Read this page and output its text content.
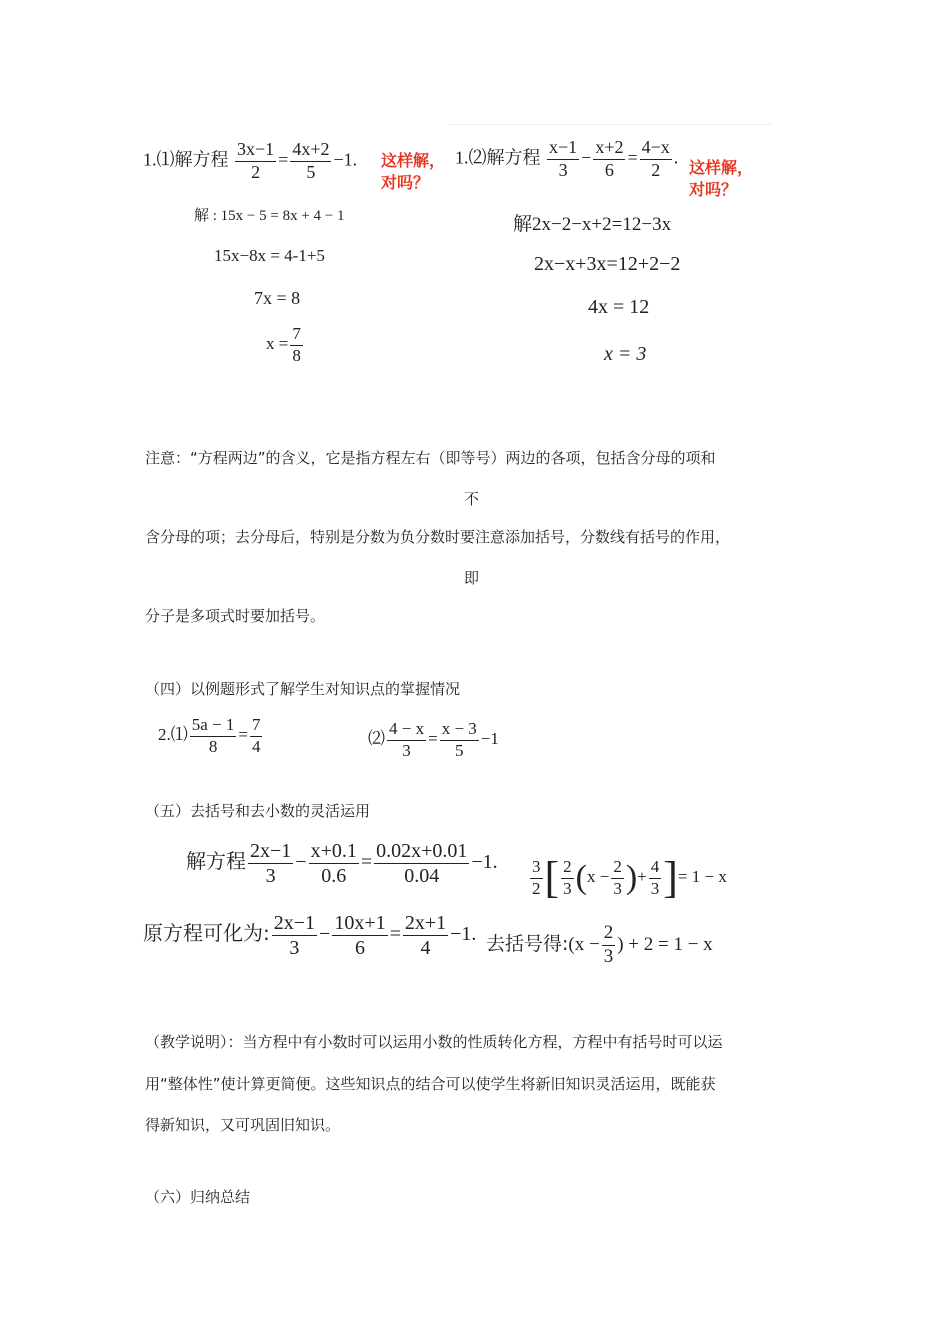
1.⑴解方程 $\frac{3x-1}{2} = \frac{4x+2}{5} -1$. 这样解，
对吗？
解 : 15x − 5 = 8x + 4 − 1
15x−8x = 4-1+5
7x = 8
$x = \frac{7}{8}$
1.⑵解方程 $\frac{x-1}{3} - \frac{x+2}{6} = \frac{4-x}{2}$ .
这样解，
对吗？
解2x−2−x+2=12−3x
2x−x+3x=12+2−2
4x = 12
x = 3
注意：“方程两边”的含义，它是指方程左右（即等号）两边的各项，包括含分母的项和
不
含分母的项；去分母后，特别是分数为负分数时要注意添加括号，分数线有括号的作用，
即
分子是多项式时要加括号。
（四）以例题形式了解学生对知识点的掌握情况
2.⑴ $\frac{5a - 1}{8} = \frac{7}{4}$	⑵ $\frac{4 - x}{3} = \frac{x - 3}{5} -1$
（五）去括号和去小数的灵活运用
解方程 $\frac{2x-1}{3} - \frac{x+0.1}{0.6} = \frac{0.02x+0.01}{0.04} -1$.
原方程可化为: $\frac{2x-1}{3} - \frac{10x+1}{6} = \frac{2x+1}{4} -1$.
$\frac{3}{2}$ [ $\frac{2}{3} (x - \frac{2}{3}$ )+ $\frac{4}{3}$ ]= 1 − x
去括号得:(x − $\frac{2}{3}$ ) + 2 = 1 − x
（教学说明）：当方程中有小数时可以运用小数的性质转化方程，方程中有括号时可以运
用“整体性”使计算更简便。这些知识点的结合可以使学生将新旧知识灵活运用，既能获
得新知识，又可巩固旧知识。
（六）归纳总结
